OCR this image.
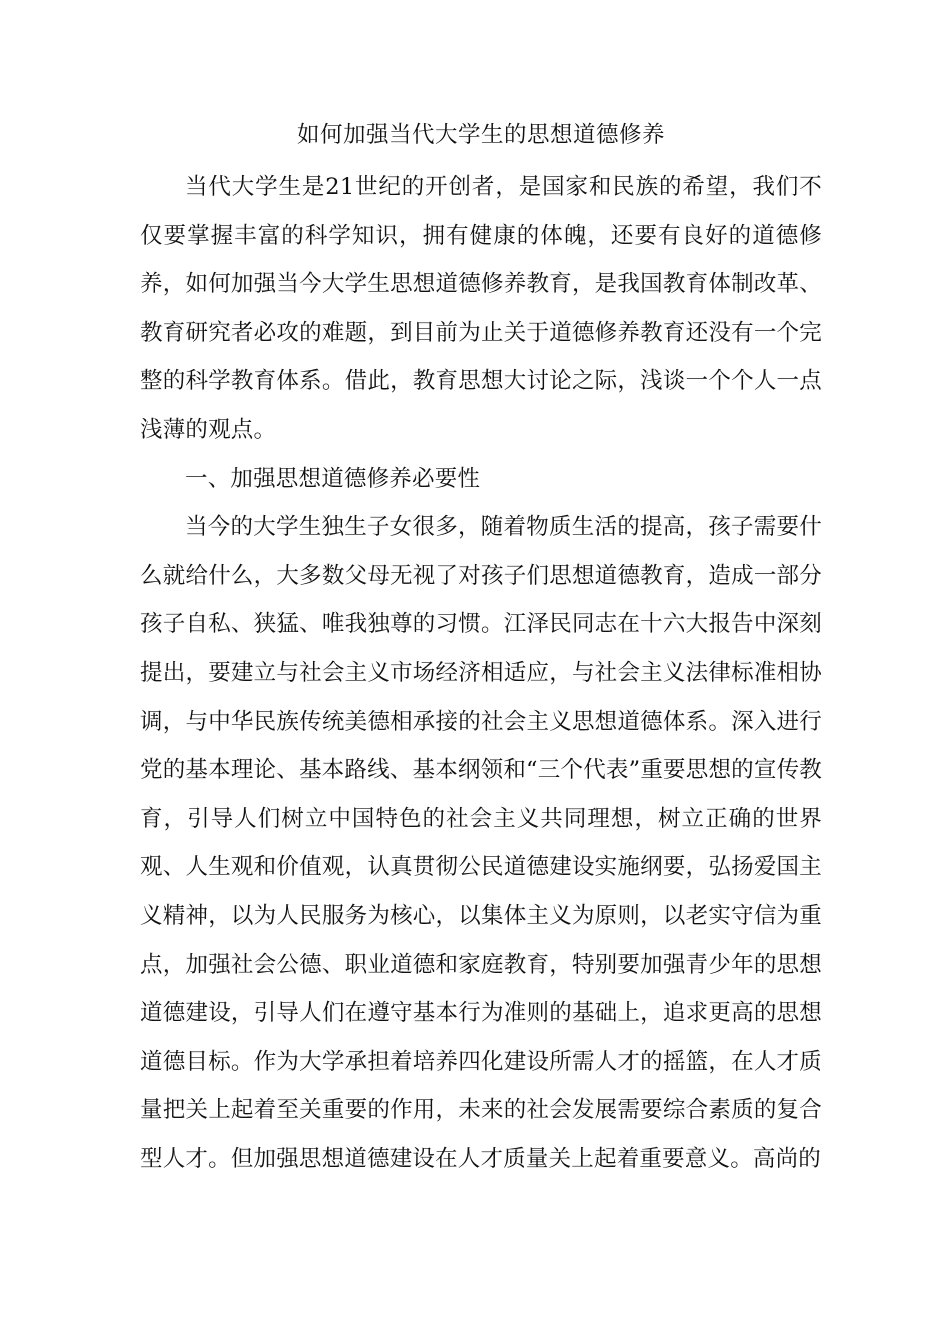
如何加强当代大学生的思想道德修养

当代大学生是21世纪的开创者，是国家和民族的希望，我们不仅要掌握丰富的科学知识，拥有健康的体魄，还要有良好的道德修养，如何加强当今大学生思想道德修养教育，是我国教育体制改革、教育研究者必攻的难题，到目前为止关于道德修养教育还没有一个完整的科学教育体系。借此，教育思想大讨论之际，浅谈一个个人一点浅薄的观点。

一、加强思想道德修养必要性

当今的大学生独生子女很多，随着物质生活的提高，孩子需要什么就给什么，大多数父母无视了对孩子们思想道德教育，造成一部分孩子自私、狭猛、唯我独尊的习惯。江泽民同志在十六大报告中深刻提出，要建立与社会主义市场经济相适应，与社会主义法律标准相协调，与中华民族传统美德相承接的社会主义思想道德体系。深入进行党的基本理论、基本路线、基本纲领和“三个代表”重要思想的宣传教育，引导人们树立中国特色的社会主义共同理想，树立正确的世界观、人生观和价值观，认真贯彻公民道德建设实施纲要，弘扬爱国主义精神，以为人民服务为核心，以集体主义为原则，以老实守信为重点，加强社会公德、职业道德和家庭教育，特别要加强青少年的思想道德建设，引导人们在遵守基本行为准则的基础上，追求更高的思想道德目标。作为大学承担着培养四化建设所需人才的摇篮，在人才质量把关上起着至关重要的作用，未来的社会发展需要综合素质的复合型人才。但加强思想道德建设在人才质量关上起着重要意义。高尚的
